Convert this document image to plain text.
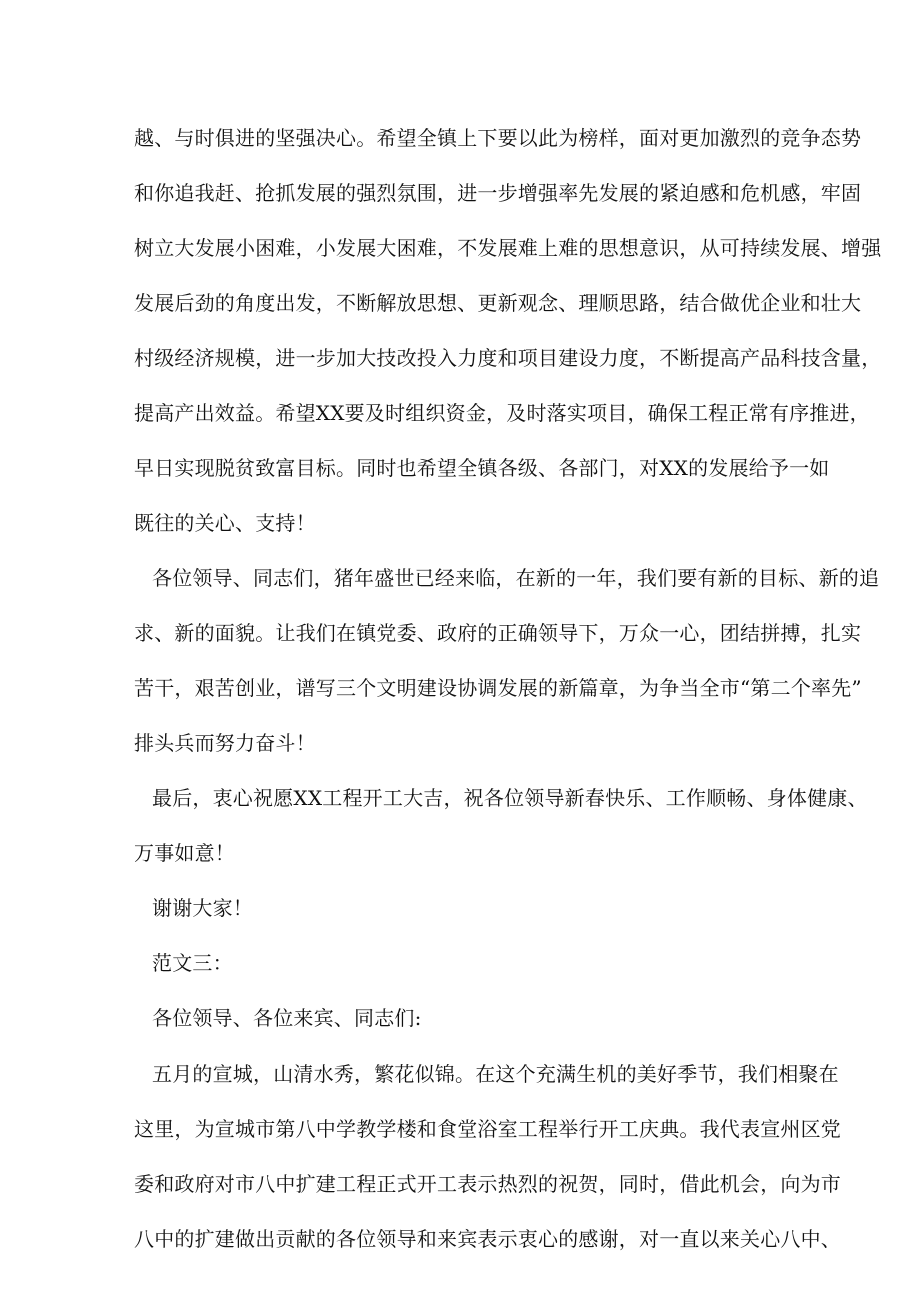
越、与时俱进的坚强决心。希望全镇上下要以此为榜样，面对更加激烈的竞争态势
和你追我赶、抢抓发展的强烈氛围，进一步增强率先发展的紧迫感和危机感，牢固
树立大发展小困难，小发展大困难，不发展难上难的思想意识，从可持续发展、增强
发展后劲的角度出发，不断解放思想、更新观念、理顺思路，结合做优企业和壮大
村级经济规模，进一步加大技改投入力度和项目建设力度，不断提高产品科技含量，
提高产出效益。希望XX要及时组织资金，及时落实项目，确保工程正常有序推进，
早日实现脱贫致富目标。同时也希望全镇各级、各部门，对XX的发展给予一如
既往的关心、支持！
各位领导、同志们，猪年盛世已经来临，在新的一年，我们要有新的目标、新的追
求、新的面貌。让我们在镇党委、政府的正确领导下，万众一心，团结拼搏，扎实
苦干，艰苦创业，谱写三个文明建设协调发展的新篇章，为争当全市“第二个率先”
排头兵而努力奋斗！
最后，衷心祝愿XX工程开工大吉，祝各位领导新春快乐、工作顺畅、身体健康、
万事如意！
谢谢大家！
范文三：
各位领导、各位来宾、同志们:
五月的宣城，山清水秀，繁花似锦。在这个充满生机的美好季节，我们相聚在
这里，为宣城市第八中学教学楼和食堂浴室工程举行开工庆典。我代表宣州区党
委和政府对市八中扩建工程正式开工表示热烈的祝贺，同时，借此机会，向为市
八中的扩建做出贡献的各位领导和来宾表示衷心的感谢，对一直以来关心八中、
